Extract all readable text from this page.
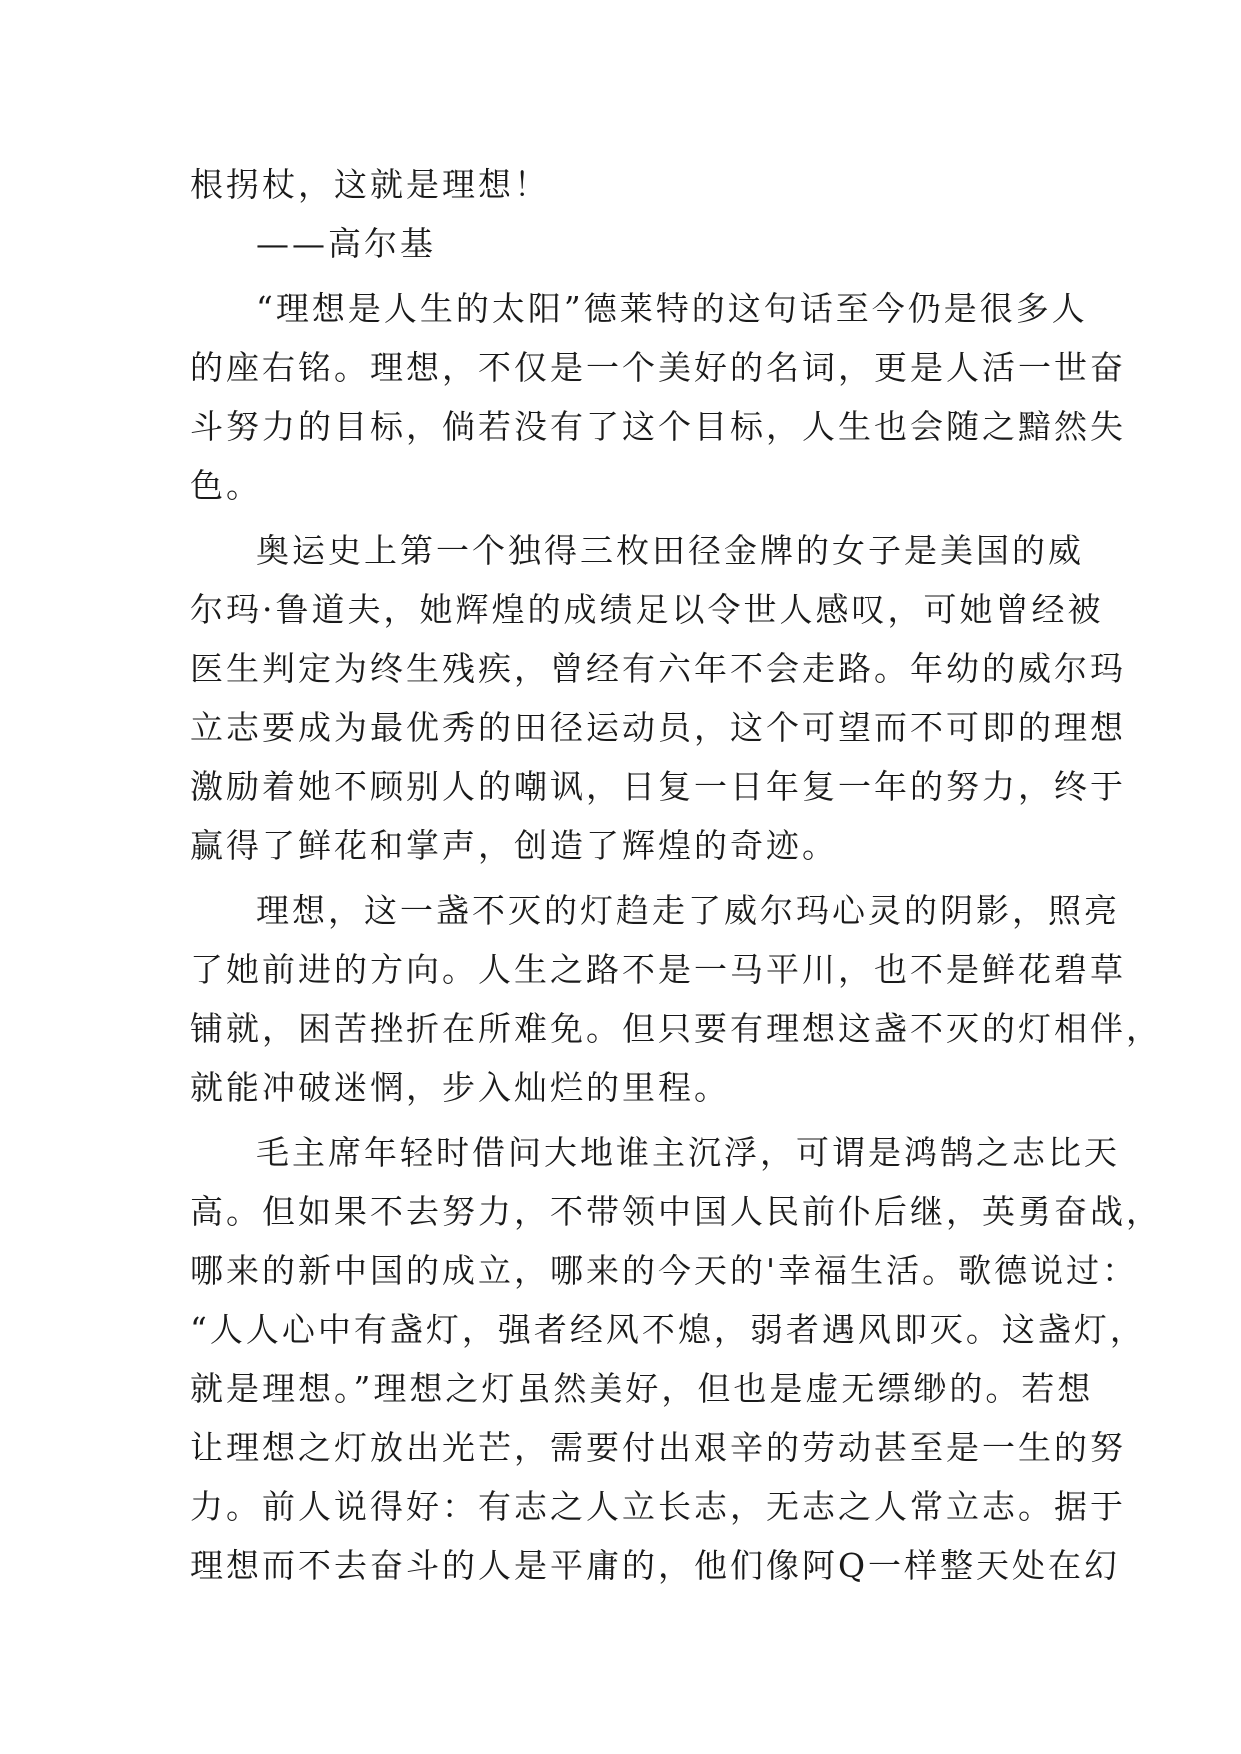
根拐杖，这就是理想！
——高尔基
“理想是人生的太阳”德莱特的这句话至今仍是很多人
的座右铭。理想，不仅是一个美好的名词，更是人活一世奋
斗努力的目标，倘若没有了这个目标，人生也会随之黯然失
色。
奥运史上第一个独得三枚田径金牌的女子是美国的威
尔玛·鲁道夫，她辉煌的成绩足以令世人感叹，可她曾经被
医生判定为终生残疾，曾经有六年不会走路。年幼的威尔玛
立志要成为最优秀的田径运动员，这个可望而不可即的理想
激励着她不顾别人的嘲讽，日复一日年复一年的努力，终于
赢得了鲜花和掌声，创造了辉煌的奇迹。
理想，这一盏不灭的灯趋走了威尔玛心灵的阴影，照亮
了她前进的方向。人生之路不是一马平川，也不是鲜花碧草
铺就，困苦挫折在所难免。但只要有理想这盏不灭的灯相伴，
就能冲破迷惘，步入灿烂的里程。
毛主席年轻时借问大地谁主沉浮，可谓是鸿鹄之志比天
高。但如果不去努力，不带领中国人民前仆后继，英勇奋战，
哪来的新中国的成立，哪来的今天的'幸福生活。歌德说过：
“人人心中有盏灯，强者经风不熄，弱者遇风即灭。这盏灯，
就是理想。”理想之灯虽然美好，但也是虚无缥缈的。若想
让理想之灯放出光芒，需要付出艰辛的劳动甚至是一生的努
力。前人说得好：有志之人立长志，无志之人常立志。据于
理想而不去奋斗的人是平庸的，他们像阿Q一样整天处在幻
